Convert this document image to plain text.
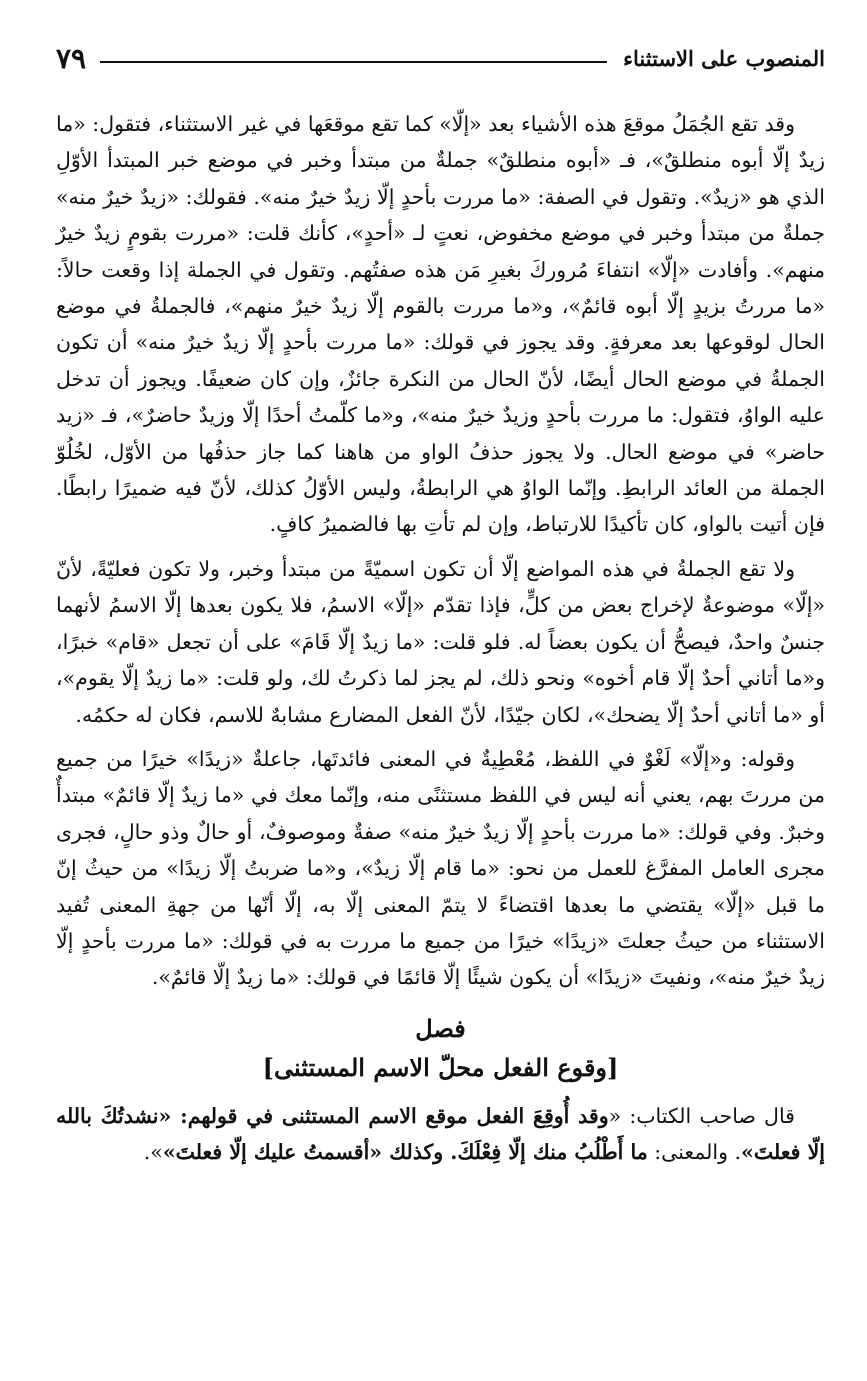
المنصوب على الاستثناء
٧٩

وقد تقع الجُمَلُ موقعَ هذه الأشياء بعد «إلّا» كما تقع موقعَها في غير الاستثناء، فتقول: «ما زيدٌ إلّا أبوه منطلقٌ»، فـ «أبوه منطلقٌ» جملةٌ من مبتدأ وخبر في موضع خبر المبتدأ الأوّلِ الذي هو «زيدٌ». وتقول في الصفة: «ما مررت بأحدٍ إلّا زيدٌ خيرٌ منه». فقولك: «زيدٌ خيرٌ منه» جملةٌ من مبتدأ وخبر في موضع مخفوض، نعتٍ لـ «أحدٍ»، كأنك قلت: «مررت بقومٍ زيدٌ خيرٌ منهم». وأفادت «إلّا» انتفاءَ مُروركَ بغيرِ مَن هذه صفتُهم. وتقول في الجملة إذا وقعت حالاً: «ما مررتُ بزيدٍ إلّا أبوه قائمٌ»، و«ما مررت بالقوم إلّا زيدٌ خيرٌ منهم»، فالجملةُ في موضع الحال لوقوعها بعد معرفةٍ. وقد يجوز في قولك: «ما مررت بأحدٍ إلّا زيدٌ خيرٌ منه» أن تكون الجملةُ في موضع الحال أيضًا، لأنّ الحال من النكرة جائزٌ، وإن كان ضعيفًا. ويجوز أن تدخل عليه الواوُ، فتقول: ما مررت بأحدٍ وزيدٌ خيرٌ منه»، و«ما كلّمتُ أحدًا إلّا وزيدٌ حاضرٌ»، فـ «زيد حاضر» في موضع الحال. ولا يجوز حذفُ الواو من هاهنا كما جاز حذفُها من الأوّل، لخُلُوّ الجملة من العائد الرابطِ. وإنّما الواوُ هي الرابطةُ، وليس الأوّلُ كذلك، لأنّ فيه ضميرًا رابطًا. فإن أتيت بالواو، كان تأكيدًا للارتباط، وإن لم تأتِ بها فالضميرُ كافٍ.

ولا تقع الجملةُ في هذه المواضع إلّا أن تكون اسميّةً من مبتدأ وخبر، ولا تكون فعليّةً، لأنّ «إلّا» موضوعةٌ لإخراج بعض من كلٍّ، فإذا تقدّم «إلّا» الاسمُ، فلا يكون بعدها إلّا الاسمُ لأنهما جنسٌ واحدٌ، فيصحُّ أن يكون بعضاً له. فلو قلت: «ما زيدٌ إلّا قَامَ» على أن تجعل «قام» خبرًا، و«ما أتاني أحدٌ إلّا قام أخوه» ونحو ذلك، لم يجز لما ذكرتُ لك، ولو قلت: «ما زيدٌ إلّا يقوم»، أو «ما أتاني أحدٌ إلّا يضحك»، لكان جيّدًا، لأنّ الفعل المضارع مشابهٌ للاسم، فكان له حكمُه.

وقوله: و«إلّا» لَغْوٌ في اللفظ، مُعْطِيةٌ في المعنى فائدتَها، جاعلةٌ «زيدًا» خيرًا من جميع من مررتَ بهم، يعني أنه ليس في اللفظ مستثنًى منه، وإنّما معك في «ما زيدٌ إلّا قائمٌ» مبتدأٌ وخبرٌ. وفي قولك: «ما مررت بأحدٍ إلّا زيدٌ خيرٌ منه» صفةٌ وموصوفٌ، أو حالٌ وذو حالٍ، فجرى مجرى العامل المفرَّغ للعمل من نحو: «ما قام إلّا زيدٌ»، و«ما ضربتُ إلّا زيدًا» من حيثُ إنّ ما قبل «إلّا» يقتضي ما بعدها اقتضاءً لا يتمّ المعنى إلّا به، إلّا أنّها من جهةِ المعنى تُفيد الاستثناء من حيثُ جعلتَ «زيدًا» خيرًا من جميع ما مررت به في قولك: «ما مررت بأحدٍ إلّا زيدٌ خيرٌ منه»، ونفيتَ «زيدًا» أن يكون شيئًا إلّا قائمًا في قولك: «ما زيدٌ إلّا قائمٌ».

فصل
[وقوع الفعل محلّ الاسم المستثنى]

قال صاحب الكتاب: «وقد أُوقِعَ الفعل موقع الاسم المستثنى في قولهم: «نشدتُكَ بالله إلّا فعلتَ». والمعنى: ما أَطْلُبُ منك إلّا فِعْلَكَ. وكذلك «أقسمتُ عليك إلّا فعلتَ»».
